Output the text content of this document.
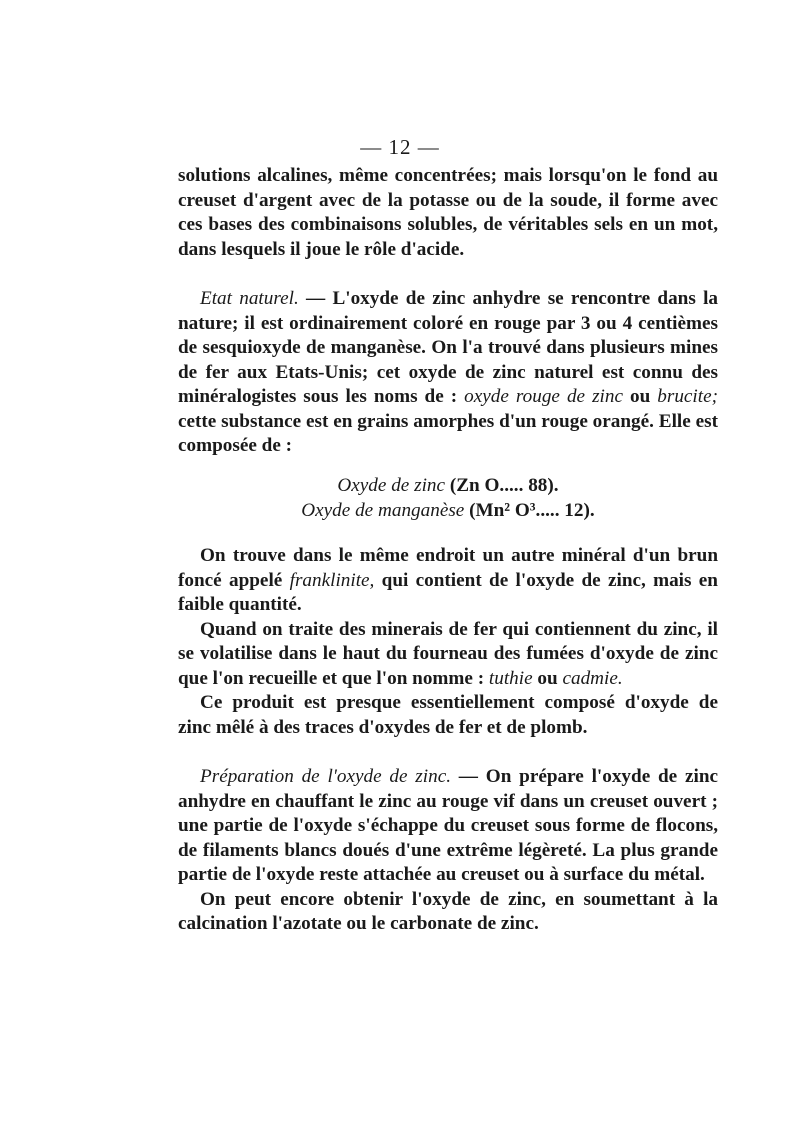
— 12 —

solutions alcalines, même concentrées; mais lorsqu'on le fond au creuset d'argent avec de la potasse ou de la soude, il forme avec ces bases des combinaisons solubles, de véritables sels en un mot, dans lesquels il joue le rôle d'acide.

Etat naturel. — L'oxyde de zinc anhydre se rencontre dans la nature; il est ordinairement coloré en rouge par 3 ou 4 centièmes de sesquioxyde de manganèse. On l'a trouvé dans plusieurs mines de fer aux Etats-Unis; cet oxyde de zinc naturel est connu des minéralogistes sous les noms de : oxyde rouge de zinc ou brucite; cette substance est en grains amorphes d'un rouge orangé. Elle est composée de :

Oxyde de zinc (Zn O..... 88).
Oxyde de manganèse (Mn² O³..... 12).

On trouve dans le même endroit un autre minéral d'un brun foncé appelé franklinite, qui contient de l'oxyde de zinc, mais en faible quantité.

Quand on traite des minerais de fer qui contiennent du zinc, il se volatilise dans le haut du fourneau des fumées d'oxyde de zinc que l'on recueille et que l'on nomme : tuthie ou cadmie.

Ce produit est presque essentiellement composé d'oxyde de zinc mêlé à des traces d'oxydes de fer et de plomb.

Préparation de l'oxyde de zinc. — On prépare l'oxyde de zinc anhydre en chauffant le zinc au rouge vif dans un creuset ouvert ; une partie de l'oxyde s'échappe du creuset sous forme de flocons, de filaments blancs doués d'une extrême légèreté. La plus grande partie de l'oxyde reste attachée au creuset ou à surface du métal.

On peut encore obtenir l'oxyde de zinc, en soumettant à la calcination l'azotate ou le carbonate de zinc.
